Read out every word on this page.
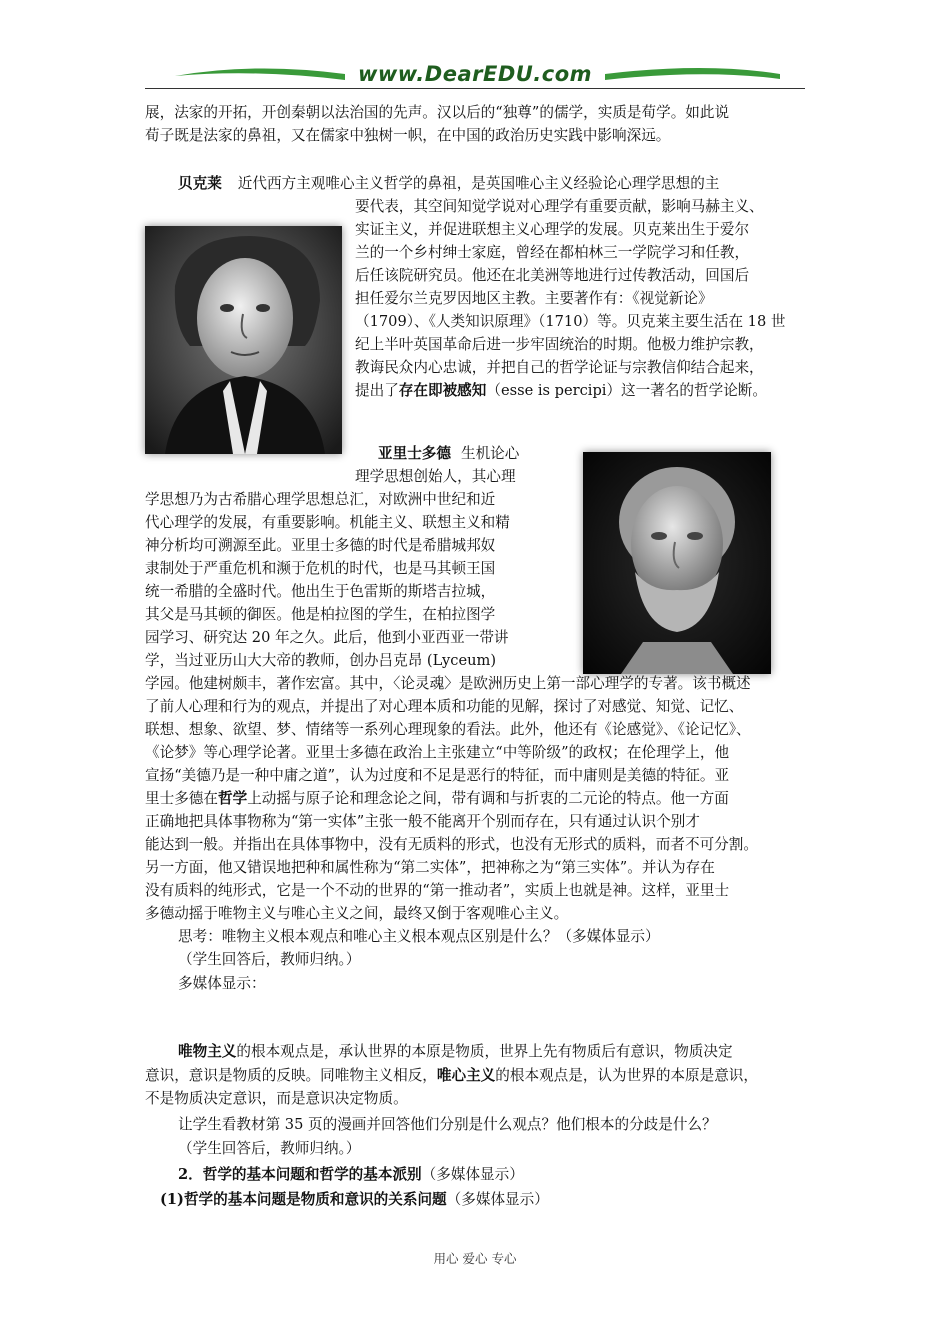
www.DearEDU.com
展，法家的开拓，开创秦朝以法治国的先声。汉以后的“独尊”的儒学，实质是荀学。如此说
荀子既是法家的鼻祖，又在儒家中独树一帜，在中国的政治历史实践中影响深远。
贝克莱 近代西方主观唯心主义哲学的鼻祖，是英国唯心主义经验论心理学思想的主
要代表，其空间知觉学说对心理学有重要贡献，影响马赫主义、
实证主义，并促进联想主义心理学的发展。贝克莱出生于爱尔
兰的一个乡村绅士家庭，曾经在都柏林三一学院学习和任教，
后任该院研究员。他还在北美洲等地进行过传教活动，回国后
担任爱尔兰克罗因地区主教。主要著作有：《视觉新论》
（1709）、《人类知识原理》（1710）等。贝克莱主要生活在 18 世
纪上半叶英国革命后进一步牢固统治的时期。他极力维护宗教，
教诲民众内心忠诚，并把自己的哲学论证与宗教信仰结合起来，
提出了存在即被感知（esse is percipi）这一著名的哲学论断。
亚里士多德 生机论心
理学思想创始人，其心理
学思想乃为古希腊心理学思想总汇，对欧洲中世纪和近
代心理学的发展，有重要影响。机能主义、联想主义和精
神分析均可溯源至此。亚里士多德的时代是希腊城邦奴
隶制处于严重危机和濒于危机的时代，也是马其顿王国
统一希腊的全盛时代。他出生于色雷斯的斯塔吉拉城，
其父是马其顿的御医。他是柏拉图的学生，在柏拉图学
园学习、研究达 20 年之久。此后，他到小亚西亚一带讲
学，当过亚历山大大帝的教师，创办吕克昂 (Lyceum)
学园。他建树颇丰，著作宏富。其中，〈论灵魂〉是欧洲历史上第一部心理学的专著。该书概述
了前人心理和行为的观点，并提出了对心理本质和功能的见解，探讨了对感觉、知觉、记忆、
联想、想象、欲望、梦、情绪等一系列心理现象的看法。此外，他还有《论感觉》、《论记忆》、
《论梦》等心理学论著。亚里士多德在政治上主张建立“中等阶级”的政权；在伦理学上，他
宣扬“美德乃是一种中庸之道”，认为过度和不足是恶行的特征，而中庸则是美德的特征。亚
里士多德在哲学上动摇与原子论和理念论之间，带有调和与折衷的二元论的特点。他一方面
正确地把具体事物称为“第一实体”主张一般不能离开个别而存在，只有通过认识个别才
能达到一般。并指出在具体事物中，没有无质料的形式，也没有无形式的质料，而者不可分割。
另一方面，他又错误地把种和属性称为“第二实体”，把神称之为“第三实体”。并认为存在
没有质料的纯形式，它是一个不动的世界的“第一推动者”，实质上也就是神。这样，亚里士
多德动摇于唯物主义与唯心主义之间，最终又倒于客观唯心主义。
思考：唯物主义根本观点和唯心主义根本观点区别是什么？（多媒体显示）
（学生回答后，教师归纳。）
多媒体显示：
唯物主义的根本观点是，承认世界的本原是物质，世界上先有物质后有意识，物质决定
意识，意识是物质的反映。同唯物主义相反，唯心主义的根本观点是，认为世界的本原是意识，
不是物质决定意识，而是意识决定物质。
让学生看教材第 35 页的漫画并回答他们分别是什么观点？他们根本的分歧是什么？
（学生回答后，教师归纳。）
2．哲学的基本问题和哲学的基本派别（多媒体显示）
(1)哲学的基本问题是物质和意识的关系问题（多媒体显示）
用心 爱心 专心
